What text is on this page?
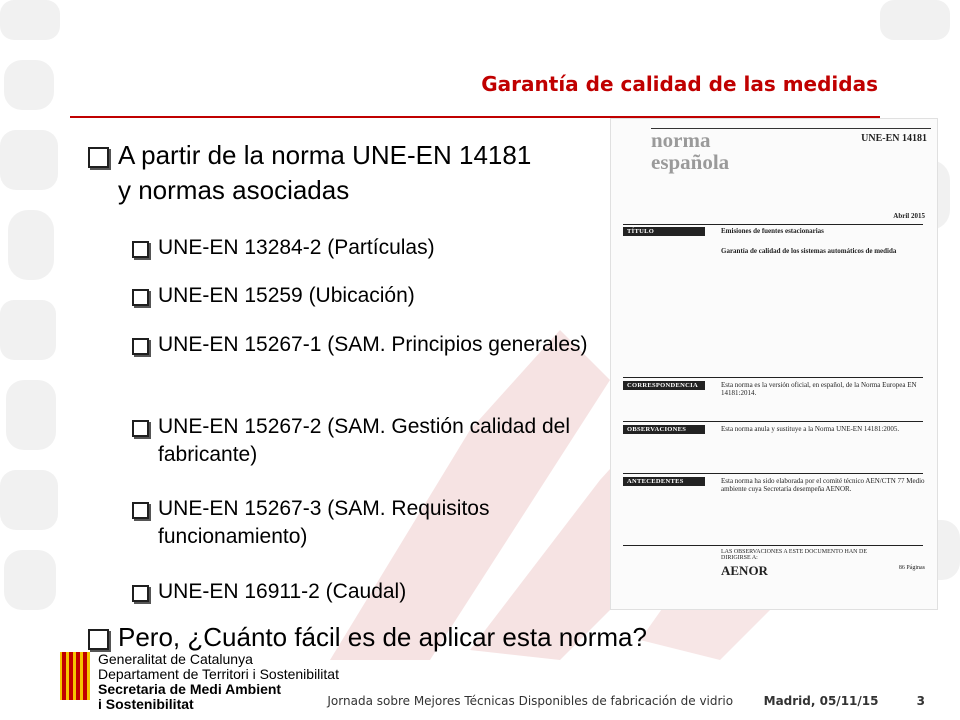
Garantía de calidad de las medidas
A partir de la norma UNE-EN 14181 y normas asociadas
UNE-EN 13284-2 (Partículas)
UNE-EN 15259 (Ubicación)
UNE-EN 15267-1 (SAM. Principios generales)
UNE-EN 15267-2 (SAM. Gestión calidad del fabricante)
UNE-EN 15267-3 (SAM. Requisitos funcionamiento)
UNE-EN 16911-2 (Caudal)
Pero, ¿Cuánto fácil es de aplicar esta norma?
norma
española
UNE-EN 14181
Abril 2015
TÍTULO	Emisiones de fuentes estacionarias
Garantía de calidad de los sistemas automáticos de medida
CORRESPONDENCIA	Esta norma es la versión oficial, en español, de la Norma Europea EN 14181:2014.
OBSERVACIONES	Esta norma anula y sustituye a la Norma UNE-EN 14181:2005.
ANTECEDENTES	Esta norma ha sido elaborada por el comité técnico AEN/CTN 77 Medio ambiente cuya Secretaría desempeña AENOR.
LAS OBSERVACIONES A ESTE DOCUMENTO HAN DE DIRIGIRSE A:
AENOR	86 Páginas
Generalitat de Catalunya
Departament de Territori i Sostenibilitat
Secretaria de Medi Ambient
i Sostenibilitat	Jornada sobre Mejores Técnicas Disponibles de fabricación de vidrio	Madrid, 05/11/15	3
